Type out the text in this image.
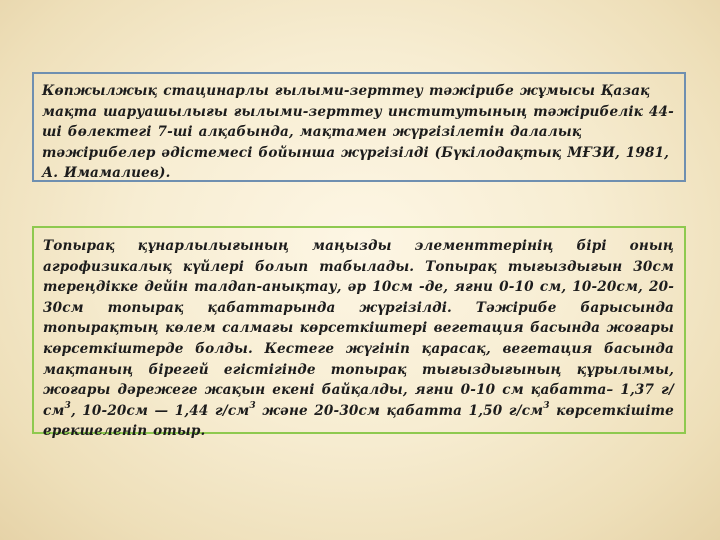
Көпжылжық стацинарлы ғылыми-зерттеу тәжірибе жұмысы Қазақ мақта шаруашылығы ғылыми-зерттеу институтының тәжірибелік 44-ші бөлектегі 7-ші алқабында, мақтамен жүргізілетін далалық тәжірибелер әдістемесі бойынша жүргізілді (Бүкілодақтық МҒЗИ, 1981, А. Имамалиев).
Топырақ құнарлылығының маңызды элементтерінің бірі оның агрофизикалық күйлері болып табылады. Топырақ тығыздығын 30см тереңдікке дейін талдап-анықтау, әр 10см -де, яғни 0-10 см, 10-20см, 20-30см топырақ қабаттарында жүргізілді. Тәжірибе барысында топырақтың көлем салмағы көрсеткіштері вегетация басында жоғары көрсеткіштерде болды. Кестеге жүгініп қарасақ, вегетация басында мақтаның бірегей егістігінде топырақ тығыздығының құрылымы, жоғары дәрежеге жақын екені байқалды, яғни 0-10 см қабатта– 1,37 $г/см^3$, 10-20см — 1,44 $г/см^3$ және 20-30см қабатта 1,50 $г/см^3$ көрсеткішіте ерекшеленіп отыр.
